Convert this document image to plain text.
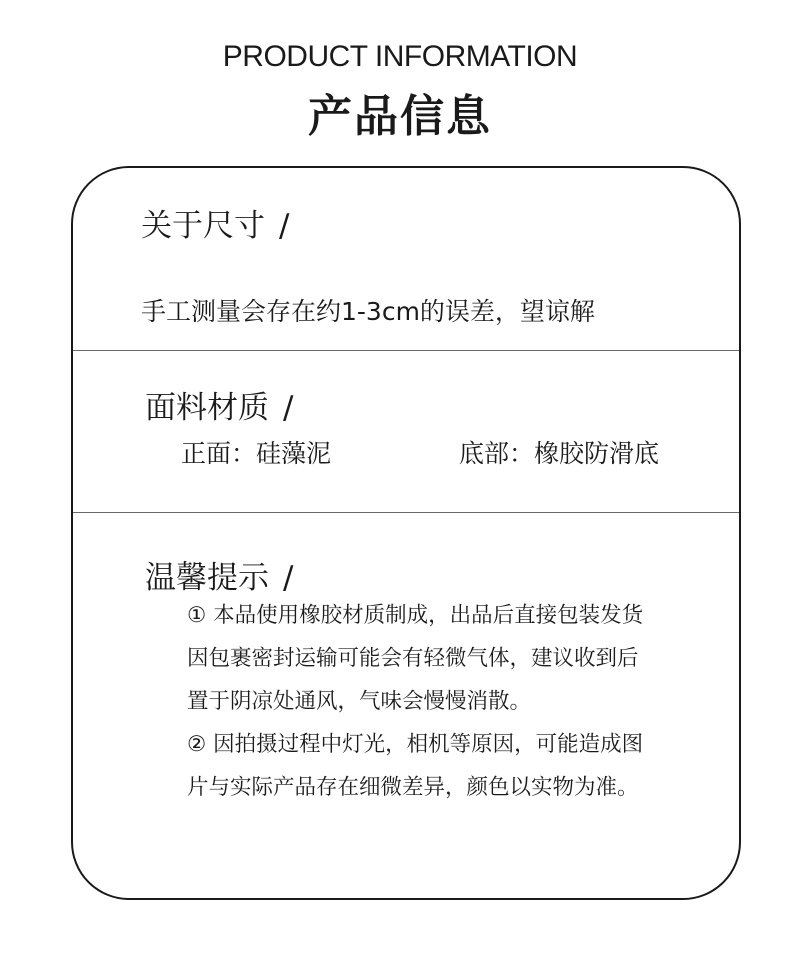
PRODUCT INFORMATION
产品信息
关于尺寸 /
手工测量会存在约1-3cm的误差，望谅解
面料材质 /
正面：硅藻泥	底部：橡胶防滑底
温馨提示 /
① 本品使用橡胶材质制成，出品后直接包装发货
因包裹密封运输可能会有轻微气体，建议收到后
置于阴凉处通风，气味会慢慢消散。
② 因拍摄过程中灯光，相机等原因，可能造成图
片与实际产品存在细微差异，颜色以实物为准。
